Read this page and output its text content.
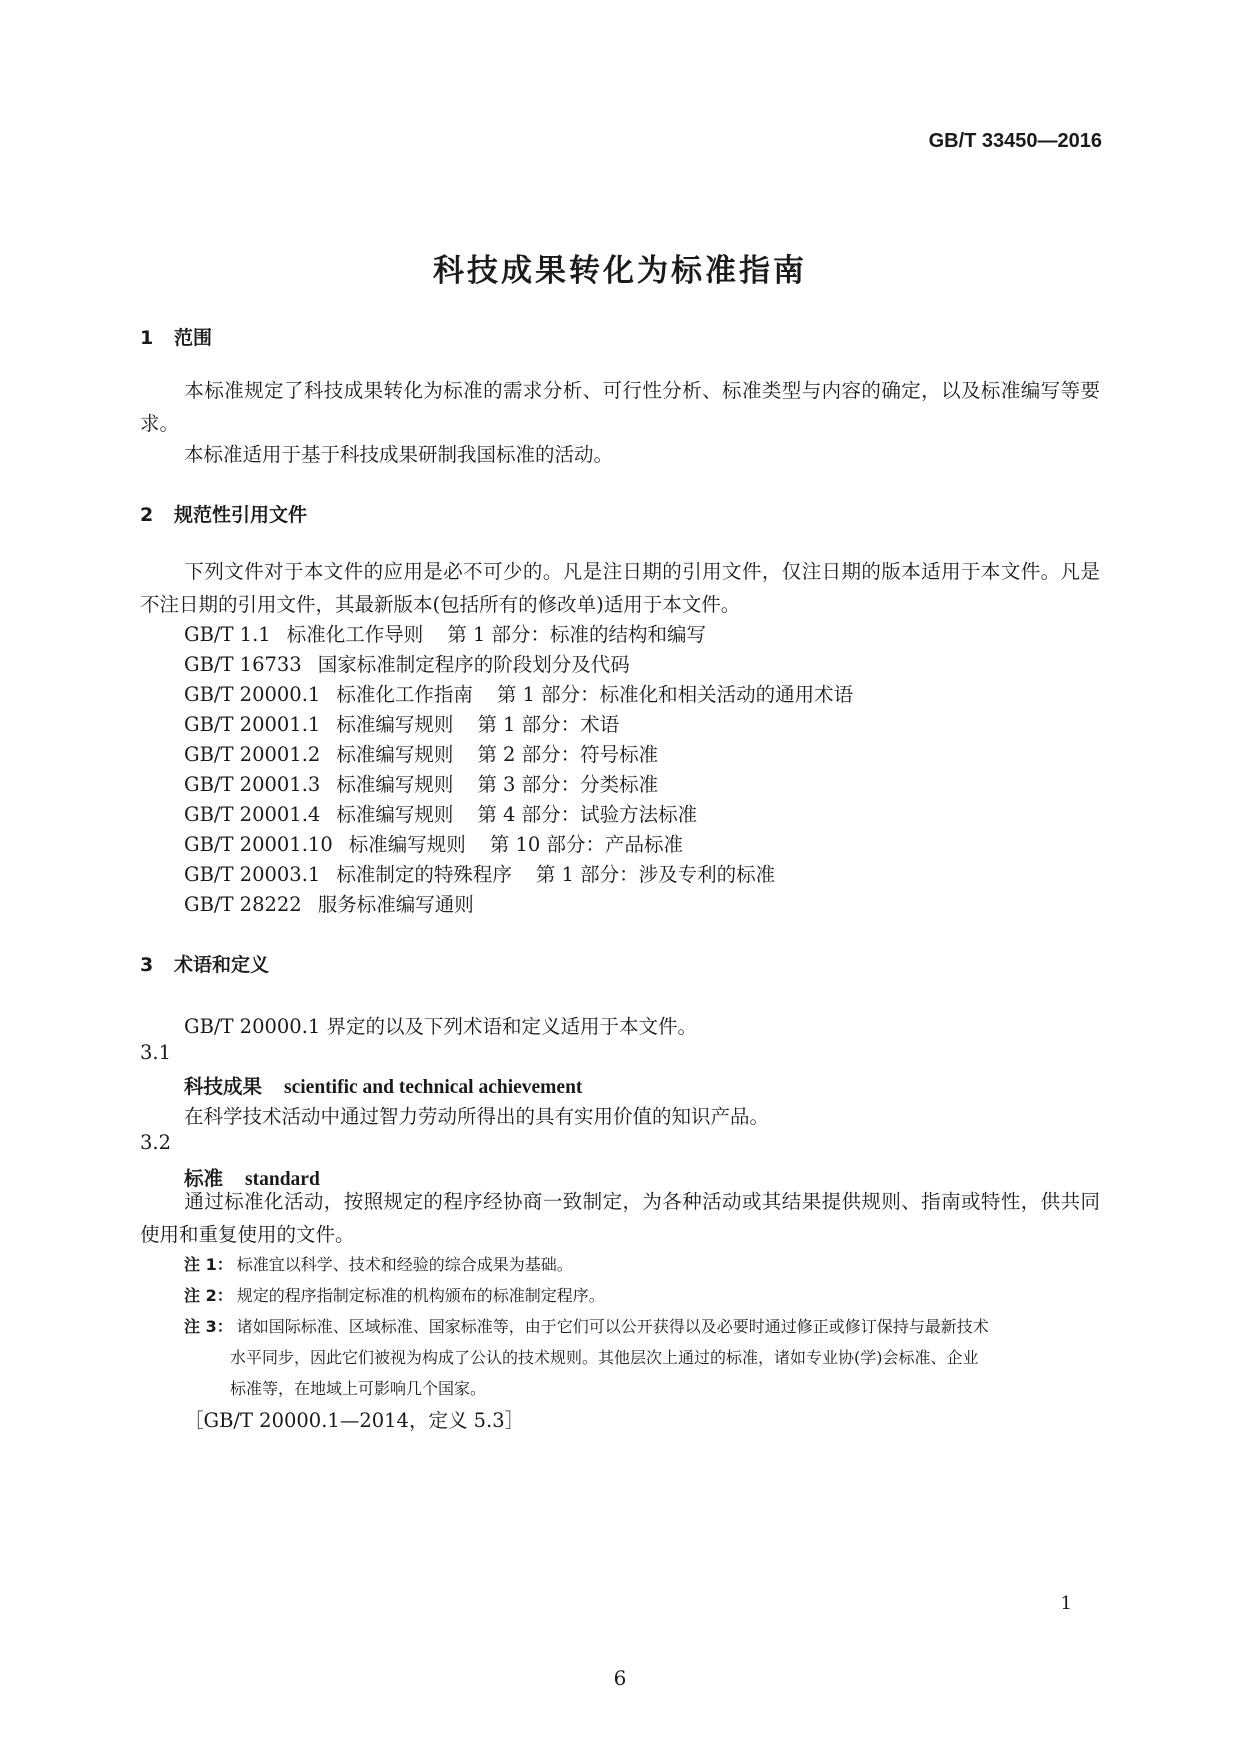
GB/T 33450—2016
科技成果转化为标准指南
1 范围
本标准规定了科技成果转化为标准的需求分析、可行性分析、标准类型与内容的确定，以及标准编写等要求。
本标准适用于基于科技成果研制我国标准的活动。
2 规范性引用文件
下列文件对于本文件的应用是必不可少的。凡是注日期的引用文件，仅注日期的版本适用于本文件。凡是不注日期的引用文件，其最新版本(包括所有的修改单)适用于本文件。
GB/T 1.1 标准化工作导则 第 1 部分：标准的结构和编写
GB/T 16733 国家标准制定程序的阶段划分及代码
GB/T 20000.1 标准化工作指南 第 1 部分：标准化和相关活动的通用术语
GB/T 20001.1 标准编写规则 第 1 部分：术语
GB/T 20001.2 标准编写规则 第 2 部分：符号标准
GB/T 20001.3 标准编写规则 第 3 部分：分类标准
GB/T 20001.4 标准编写规则 第 4 部分：试验方法标准
GB/T 20001.10 标准编写规则 第 10 部分：产品标准
GB/T 20003.1 标准制定的特殊程序 第 1 部分：涉及专利的标准
GB/T 28222 服务标准编写通则
3 术语和定义
GB/T 20000.1 界定的以及下列术语和定义适用于本文件。
3.1
科技成果 scientific and technical achievement
在科学技术活动中通过智力劳动所得出的具有实用价值的知识产品。
3.2
标准 standard
通过标准化活动，按照规定的程序经协商一致制定，为各种活动或其结果提供规则、指南或特性，供共同使用和重复使用的文件。
注 1： 标准宜以科学、技术和经验的综合成果为基础。
注 2： 规定的程序指制定标准的机构颁布的标准制定程序。
注 3： 诸如国际标准、区域标准、国家标准等，由于它们可以公开获得以及必要时通过修正或修订保持与最新技术
水平同步，因此它们被视为构成了公认的技术规则。其他层次上通过的标准，诸如专业协(学)会标准、企业
标准等，在地域上可影响几个国家。
［GB/T 20000.1—2014，定义 5.3］
1
6
